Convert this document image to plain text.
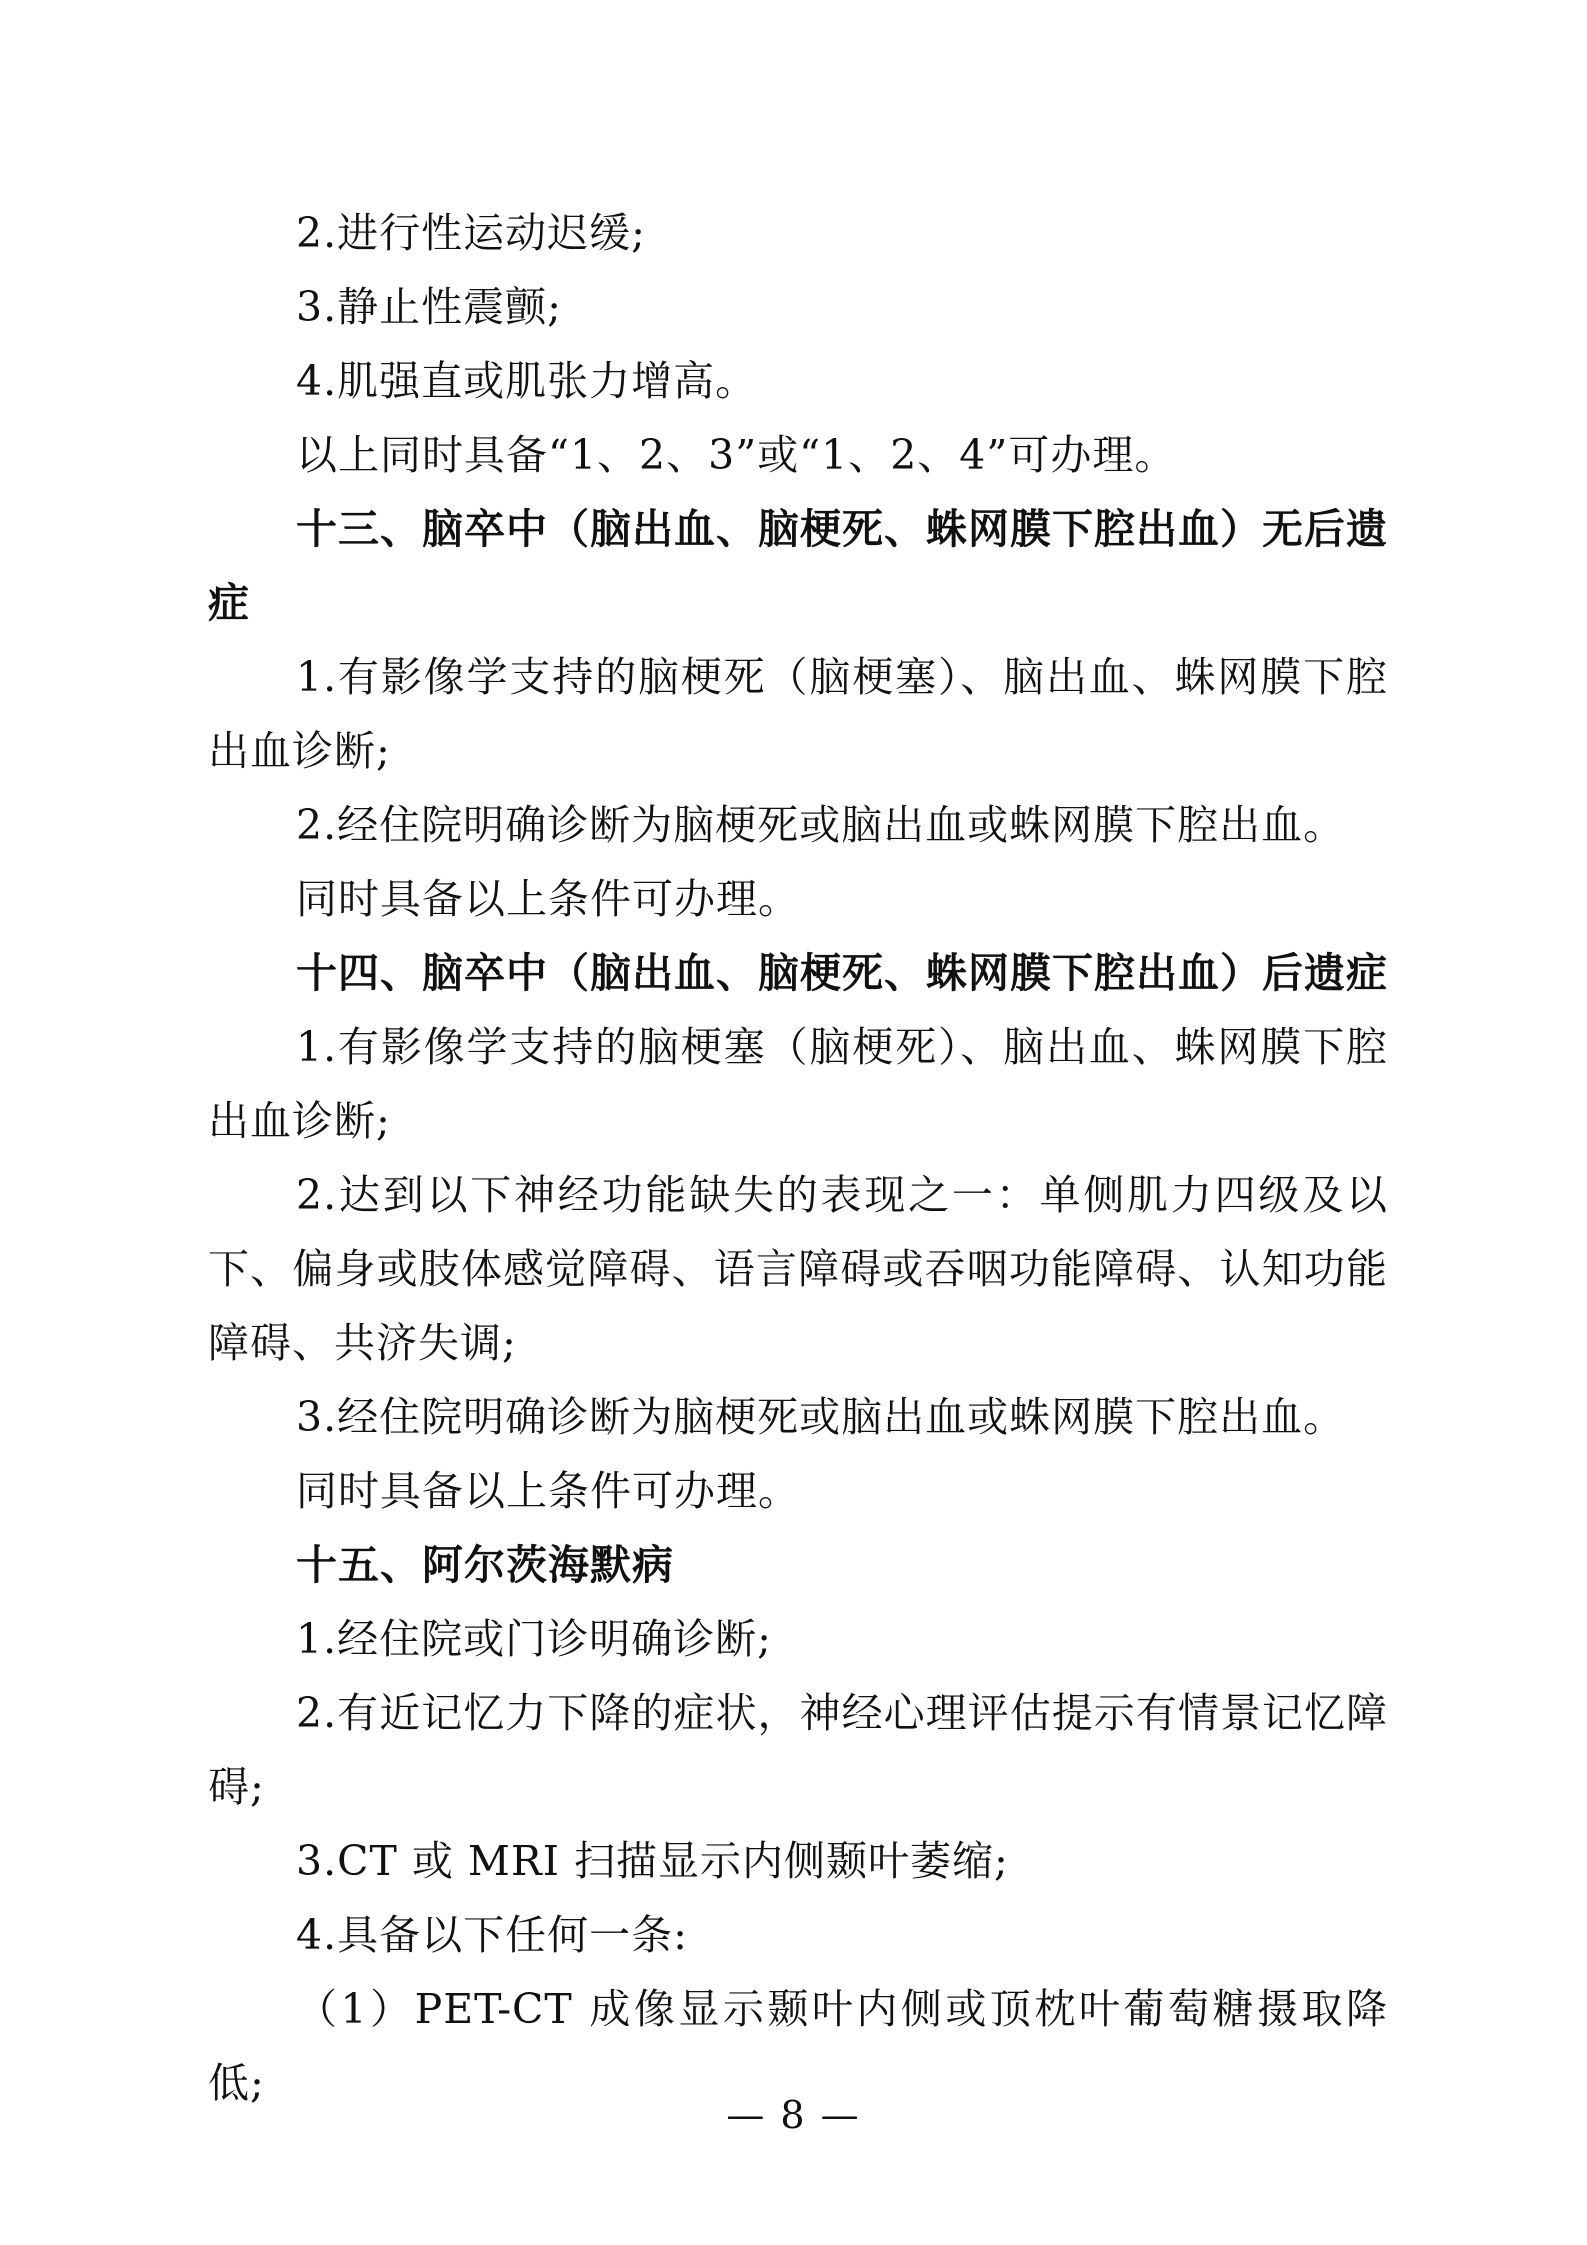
2.进行性运动迟缓;

3.静止性震颤;

4.肌强直或肌张力增高。

以上同时具备“1、2、3”或“1、2、4”可办理。

十三、脑卒中（脑出血、脑梗死、蛛网膜下腔出血）无后遗症

1.有影像学支持的脑梗死（脑梗塞）、脑出血、蛛网膜下腔出血诊断;

2.经住院明确诊断为脑梗死或脑出血或蛛网膜下腔出血。

同时具备以上条件可办理。

十四、脑卒中（脑出血、脑梗死、蛛网膜下腔出血）后遗症

1.有影像学支持的脑梗塞（脑梗死）、脑出血、蛛网膜下腔出血诊断;

2.达到以下神经功能缺失的表现之一：单侧肌力四级及以下、偏身或肢体感觉障碍、语言障碍或吞咽功能障碍、认知功能障碍、共济失调;

3.经住院明确诊断为脑梗死或脑出血或蛛网膜下腔出血。

同时具备以上条件可办理。

十五、阿尔茨海默病

1.经住院或门诊明确诊断;

2.有近记忆力下降的症状，神经心理评估提示有情景记忆障碍;

3.CT 或 MRI 扫描显示内侧颞叶萎缩;

4.具备以下任何一条:

（1）PET-CT 成像显示颞叶内侧或顶枕叶葡萄糖摄取降低;

— 8 —
